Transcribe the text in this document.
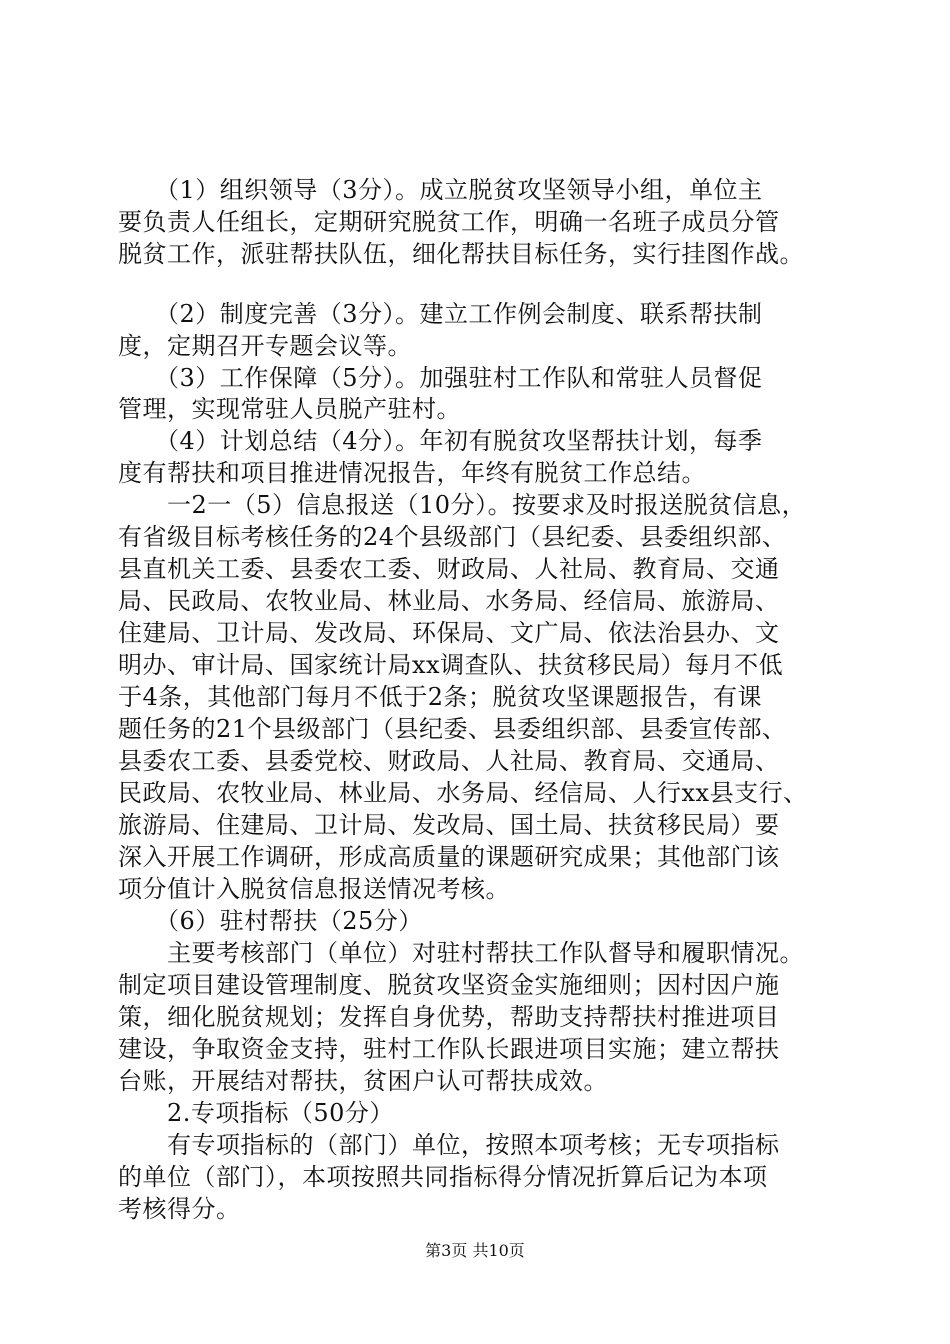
　　（1）组织领导（3分）。成立脱贫攻坚领导小组，单位主
要负责人任组长，定期研究脱贫工作，明确一名班子成员分管
脱贫工作，派驻帮扶队伍，细化帮扶目标任务，实行挂图作战。
　　（2）制度完善（3分）。建立工作例会制度、联系帮扶制
度，定期召开专题会议等。
　　（3）工作保障（5分）。加强驻村工作队和常驻人员督促
管理，实现常驻人员脱产驻村。
　　（4）计划总结（4分）。年初有脱贫攻坚帮扶计划，每季
度有帮扶和项目推进情况报告，年终有脱贫工作总结。
　　一2一（5）信息报送（10分）。按要求及时报送脱贫信息，
有省级目标考核任务的24个县级部门（县纪委、县委组织部、
县直机关工委、县委农工委、财政局、人社局、教育局、交通
局、民政局、农牧业局、林业局、水务局、经信局、旅游局、
住建局、卫计局、发改局、环保局、文广局、依法治县办、文
明办、审计局、国家统计局xx调查队、扶贫移民局）每月不低
于4条，其他部门每月不低于2条；脱贫攻坚课题报告，有课
题任务的21个县级部门（县纪委、县委组织部、县委宣传部、
县委农工委、县委党校、财政局、人社局、教育局、交通局、
民政局、农牧业局、林业局、水务局、经信局、人行xx县支行、
旅游局、住建局、卫计局、发改局、国土局、扶贫移民局）要
深入开展工作调研，形成高质量的课题研究成果；其他部门该
项分值计入脱贫信息报送情况考核。
　　（6）驻村帮扶（25分）
　　主要考核部门（单位）对驻村帮扶工作队督导和履职情况。
制定项目建设管理制度、脱贫攻坚资金实施细则；因村因户施
策，细化脱贫规划；发挥自身优势，帮助支持帮扶村推进项目
建设，争取资金支持，驻村工作队长跟进项目实施；建立帮扶
台账，开展结对帮扶，贫困户认可帮扶成效。
　　2.专项指标（50分）
　　有专项指标的（部门）单位，按照本项考核；无专项指标
的单位（部门），本项按照共同指标得分情况折算后记为本项
考核得分。
第3页 共10页
